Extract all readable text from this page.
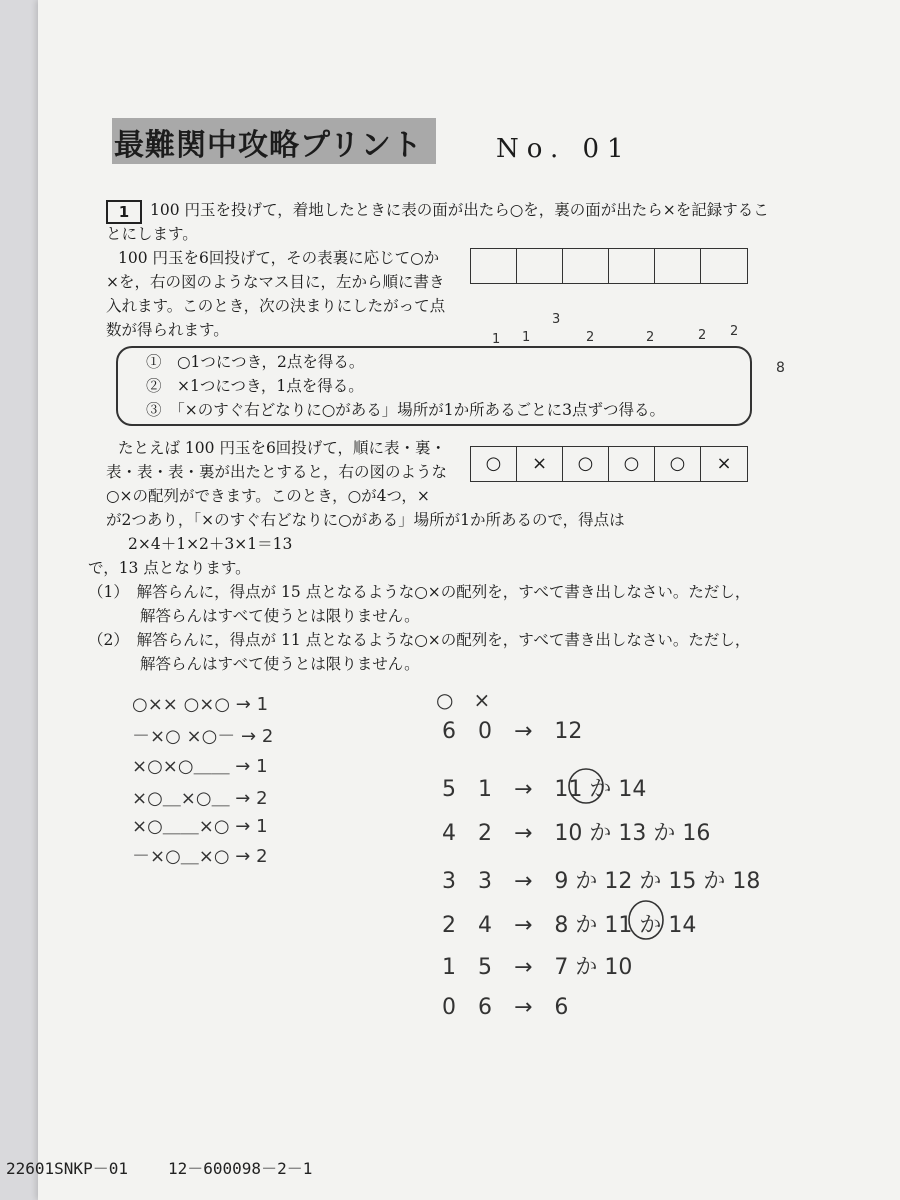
最難関中攻略プリント	No. 01
1	100 円玉を投げて，着地したときに表の面が出たら○を，裏の面が出たら×を記録するこ
とにします。
100 円玉を6回投げて，その表裏に応じて○か
×を，右の図のようなマス目に，左から順に書き
入れます。このとき，次の決まりにしたがって点
数が得られます。
1 1
3
2	2	2 2
8
①　○1つにつき，2点を得る。
②　×1つにつき，1点を得る。
③　「×のすぐ右どなりに○がある」場所が1か所あるごとに3点ずつ得る。
たとえば 100 円玉を6回投げて，順に表・裏・
表・表・表・裏が出たとすると，右の図のような
○×の配列ができます。このとき，○が4つ，×
が2つあり，「×のすぐ右どなりに○がある」場所が1か所あるので，得点は
2×4＋1×2＋3×1＝13
で，13 点となります。
○	×	○	○	○	×
（1）　解答らんに，得点が 15 点となるような○×の配列を，すべて書き出しなさい。ただし，
解答らんはすべて使うとは限りません。
（2）　解答らんに，得点が 11 点となるような○×の配列を，すべて書き出しなさい。ただし，
解答らんはすべて使うとは限りません。
○×× ○×○ → 1
－×○ ×○－ → 2
×○×○＿＿ → 1
×○＿×○＿ → 2
×○＿＿×○ → 1
－×○＿×○ → 2
○　×
6　0　→　12
5　1　→　11 か 14
4　2　→　10 か 13 か 16
3　3　→　9 か 12 か 15 か 18
2　4　→　8 か 11 か 14
1　5　→　7 か 10
0　6　→　6
22601SNKP－01	12－600098－2－1
